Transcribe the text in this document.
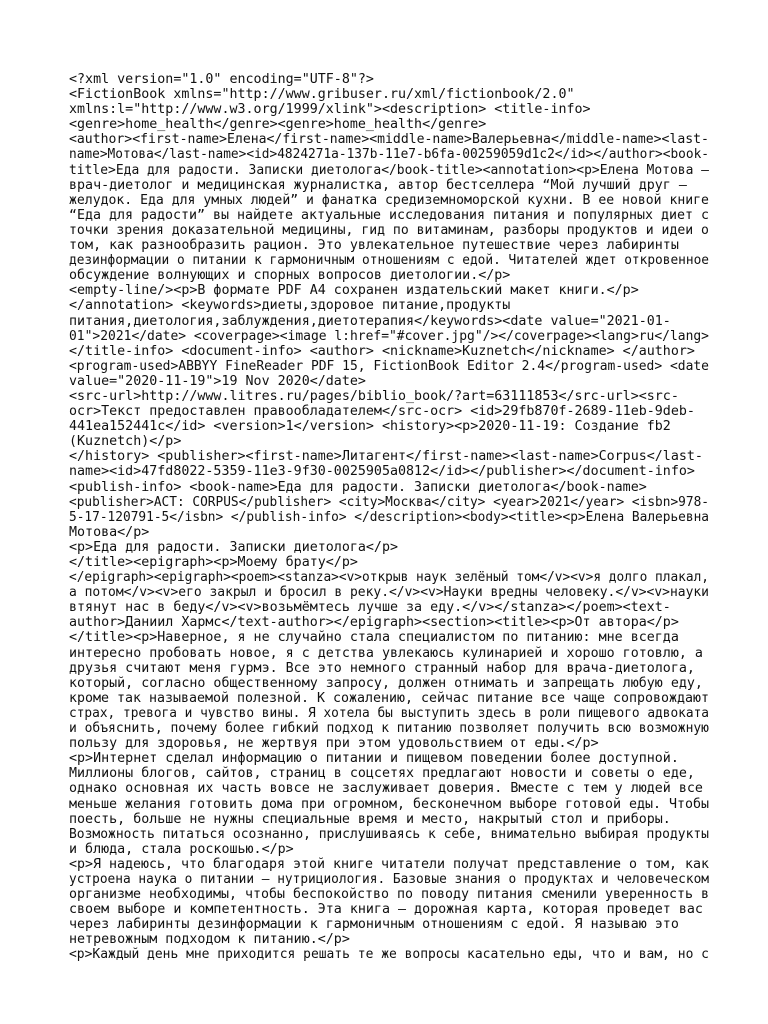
<?xml version="1.0" encoding="UTF-8"?>
<FictionBook xmlns="http://www.gribuser.ru/xml/fictionbook/2.0"
xmlns:l="http://www.w3.org/1999/xlink"><description> <title-info>
<genre>home_health</genre><genre>home_health</genre>
<author><first-name>Елена</first-name><middle-name>Валерьевна</middle-name><last-
name>Мотова</last-name><id>4824271a-137b-11e7-b6fa-00259059d1c2</id></author><book-
title>Еда для радости. Записки диетолога</book-title><annotation><p>Елена Мотова –
врач-диетолог и медицинская журналистка, автор бестселлера “Мой лучший друг –
желудок. Еда для умных людей” и фанатка средиземноморской кухни. В ее новой книге
“Еда для радости” вы найдете актуальные исследования питания и популярных диет с
точки зрения доказательной медицины, гид по витаминам, разборы продуктов и идеи о
том, как разнообразить рацион. Это увлекательное путешествие через лабиринты
дезинформации о питании к гармоничным отношениям с едой. Читателей ждет откровенное
обсуждение волнующих и спорных вопросов диетологии.</p>
<empty-line/><p>В формате PDF A4 сохранен издательский макет книги.</p>
</annotation> <keywords>диеты,здоровое питание,продукты
питания,диетология,заблуждения,диетотерапия</keywords><date value="2021-01-
01">2021</date> <coverpage><image l:href="#cover.jpg"/></coverpage><lang>ru</lang>
</title-info> <document-info> <author> <nickname>Kuznetch</nickname> </author>
<program-used>ABBYY FineReader PDF 15, FictionBook Editor 2.4</program-used> <date
value="2020-11-19">19 Nov 2020</date>
<src-url>http://www.litres.ru/pages/biblio_book/?art=63111853</src-url><src-
ocr>Текст предоставлен правообладателем</src-ocr> <id>29fb870f-2689-11eb-9deb-
441ea152441c</id> <version>1</version> <history><p>2020-11-19: Создание fb2
(Kuznetch)</p>
</history> <publisher><first-name>Литагент</first-name><last-name>Corpus</last-
name><id>47fd8022-5359-11e3-9f30-0025905a0812</id></publisher></document-info>
<publish-info> <book-name>Еда для радости. Записки диетолога</book-name>
<publisher>АСТ: CORPUS</publisher> <city>Москва</city> <year>2021</year> <isbn>978-
5-17-120791-5</isbn> </publish-info> </description><body><title><p>Елена Валерьевна
Мотова</p>
<p>Еда для радости. Записки диетолога</p>
</title><epigraph><p>Моему брату</p>
</epigraph><epigraph><poem><stanza><v>открыв наук зелёный том</v><v>я долго плакал,
а потом</v><v>его закрыл и бросил в реку.</v><v>Науки вредны человеку.</v><v>науки
втянут нас в беду</v><v>возьмёмтесь лучше за еду.</v></stanza></poem><text-
author>Даниил Хармс</text-author></epigraph><section><title><p>От автора</p>
</title><p>Наверное, я не случайно стала специалистом по питанию: мне всегда
интересно пробовать новое, я с детства увлекаюсь кулинарией и хорошо готовлю, а
друзья считают меня гурмэ. Все это немного странный набор для врача-диетолога,
который, согласно общественному запросу, должен отнимать и запрещать любую еду,
кроме так называемой полезной. К сожалению, сейчас питание все чаще сопровождают
страх, тревога и чувство вины. Я хотела бы выступить здесь в роли пищевого адвоката
и объяснить, почему более гибкий подход к питанию позволяет получить всю возможную
пользу для здоровья, не жертвуя при этом удовольствием от еды.</p>
<p>Интернет сделал информацию о питании и пищевом поведении более доступной.
Миллионы блогов, сайтов, страниц в соцсетях предлагают новости и советы о еде,
однако основная их часть вовсе не заслуживает доверия. Вместе с тем у людей все
меньше желания готовить дома при огромном, бесконечном выборе готовой еды. Чтобы
поесть, больше не нужны специальные время и место, накрытый стол и приборы.
Возможность питаться осознанно, прислушиваясь к себе, внимательно выбирая продукты
и блюда, стала роскошью.</p>
<p>Я надеюсь, что благодаря этой книге читатели получат представление о том, как
устроена наука о питании – нутрициология. Базовые знания о продуктах и человеческом
организме необходимы, чтобы беспокойство по поводу питания сменили уверенность в
своем выборе и компетентность. Эта книга – дорожная карта, которая проведет вас
через лабиринты дезинформации к гармоничным отношениям с едой. Я называю это
нетревожным подходом к питанию.</p>
<p>Каждый день мне приходится решать те же вопросы касательно еды, что и вам, но с
